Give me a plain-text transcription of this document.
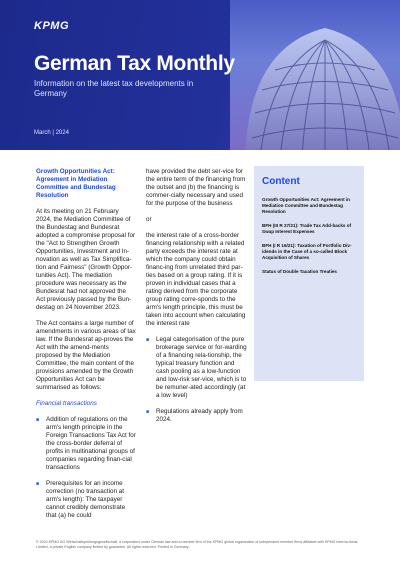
KPMG
German Tax Monthly
Information on the latest tax developments in Germany
March | 2024

Growth Opportunities Act: Agreement in Mediation Committee and Bundestag Resolution

At its meeting on 21 February 2024, the Mediation Committee of the Bundestag and Bundesrat adopted a compromise proposal for the "Act to Strengthen Growth Opportunities, Investment and In-novation as well as Tax Simplifica-tion and Fairness" (Growth Oppor-tunities Act). The mediation procedure was necessary as the Bundesrat had not approved the Act previously passed by the Bun-destag on 24 November 2023.

The Act contains a large number of amendments in various areas of tax law. If the Bundesrat ap-proves the Act with the amend-ments proposed by the Mediation Committee, the main content of the provisions amended by the Growth Opportunities Act can be summarised as follows:

Financial transactions

■ Addition of regulations on the arm's length principle in the Foreign Transactions Tax Act for the cross-border deferral of profits in multinational groups of companies regarding finan-cial transactions
■ Prerequisites for an income correction (no transaction at arm's length): The taxpayer cannot credibly demonstrate that (a) he could

have provided the debt ser-vice for the entire term of the financing from the outset and (b) the financing is commer-cially necessary and used for the purpose of the business

or

the interest rate of a cross-border financing relationship with a related party exceeds the interest rate at which the company could obtain financ-ing from unrelated third par-ties based on a group rating. If it is proven in individual cases that a rating derived from the corporate group rating corre-sponds to the arm's length principle, this must be taken into account when calculating the interest rate

■ Legal categorisation of the pure brokerage service or for-warding of a financing rela-tionship, the typical treasury function and cash pooling as a low-function and low-risk ser-vice, which is to be remuner-ated accordingly (at a low level)
■ Regulations already apply from 2024.
Content
Growth Opportunities Act: Agreement in Mediation Committee and Bundestag Resolution
BFH (III R 27/21): Trade Tax Add-backs of Swap Interest Expenses
BFH (I R 16/21): Taxation of Portfolio Div-idends in the Case of a so-called Block Acquisition of Shares
Status of Double Taxation Treaties
© 2024 KPMG AG Wirtschaftsprüfungsgesellschaft, a corporation under German law and a member firm of the KPMG global organization of independent member firms affiliated with KPMG Interna-tional Limited, a private English company limited by guarantee. All rights reserved. Printed in Germany.
